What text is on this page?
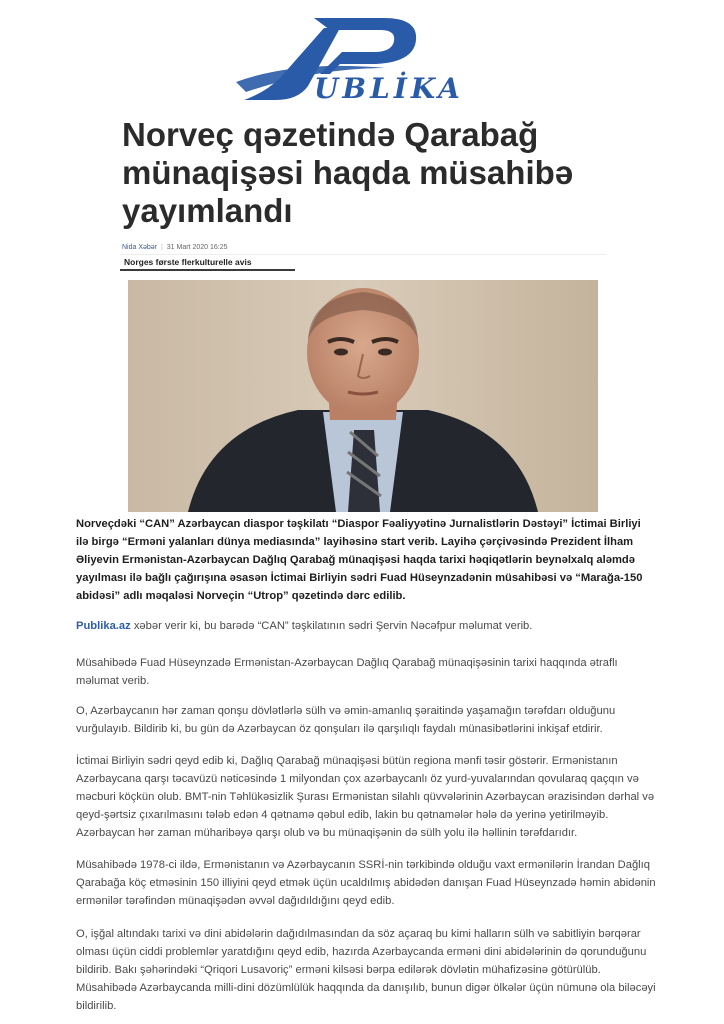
UBLİKA
Norveç qəzetində Qarabağ münaqişəsi haqda müsahibə yayımlandı
Nida Xəbər | 31 Mart 2020 16:25
Norges første flerkulturelle avis

Norveçdəki “CAN” Azərbaycan diaspor təşkilatı “Diaspor Fəaliyyətinə Jurnalistlərin Dəstəyi” İctimai Birliyi ilə birgə “Erməni yalanları dünya mediasında” layihəsinə start verib. Layihə çərçivəsində Prezident İlham Əliyevin Ermənistan-Azərbaycan Dağlıq Qarabağ münaqişəsi haqda tarixi həqiqətlərin beynəlxalq aləmdə yayılması ilə bağlı çağırışına əsasən İctimai Birliyin sədri Fuad Hüseynzadənin müsahibəsi və “Marağa-150 abidəsi” adlı məqaləsi Norveçin “Utrop” qəzetində dərc edilib.

Publika.az xəbər verir ki, bu barədə “CAN” təşkilatının sədri Şervin Nəcəfpur məlumat verib.

Müsahibədə Fuad Hüseynzadə Ermənistan-Azərbaycan Dağlıq Qarabağ münaqişəsinin tarixi haqqında ətraflı məlumat verib.

O, Azərbaycanın hər zaman qonşu dövlətlərlə sülh və əmin-amanlıq şəraitində yaşamağın tərəfdarı olduğunu vurğulayıb. Bildirib ki, bu gün də Azərbaycan öz qonşuları ilə qarşılıqlı faydalı münasibətlərini inkişaf etdirir.

İctimai Birliyin sədri qeyd edib ki, Dağlıq Qarabağ münaqişəsi bütün regiona mənfi təsir göstərir. Ermənistanın Azərbaycana qarşı təcavüzü nəticəsində 1 milyondan çox azərbaycanlı öz yurd-yuvalarından qovularaq qaçqın və məcburi köçkün olub. BMT-nin Təhlükəsizlik Şurası Ermənistan silahlı qüvvələrinin Azərbaycan ərazisindən dərhal və qeyd-şərtsiz çıxarılmasını tələb edən 4 qətnamə qəbul edib, lakin bu qətnamələr hələ də yerinə yetirilməyib. Azərbaycan hər zaman müharibəyə qarşı olub və bu münaqişənin də sülh yolu ilə həllinin tərəfdarıdır.

Müsahibədə 1978-ci ildə, Ermənistanın və Azərbaycanın SSRİ-nin tərkibində olduğu vaxt ermənilərin İrandan Dağlıq Qarabağa köç etməsinin 150 illiyini qeyd etmək üçün ucaldılmış abidədən danışan Fuad Hüseynzadə həmin abidənin ermənilər tərəfindən münaqişədən əvvəl dağıdıldığını qeyd edib.

O, işğal altındakı tarixi və dini abidələrin dağıdılmasından da söz açaraq bu kimi halların sülh və sabitliyin bərqərar olması üçün ciddi problemlər yaratdığını qeyd edib, hazırda Azərbaycanda erməni dini abidələrinin də qorunduğunu bildirib. Bakı şəhərindəki “Qriqori Lusavoriç” erməni kilsəsi bərpa edilərək dövlətin mühafizəsinə götürülüb. Müsahibədə Azərbaycanda milli-dini dözümlülük haqqında da danışılıb, bunun digər ölkələr üçün nümunə ola biləcəyi bildirilib.
